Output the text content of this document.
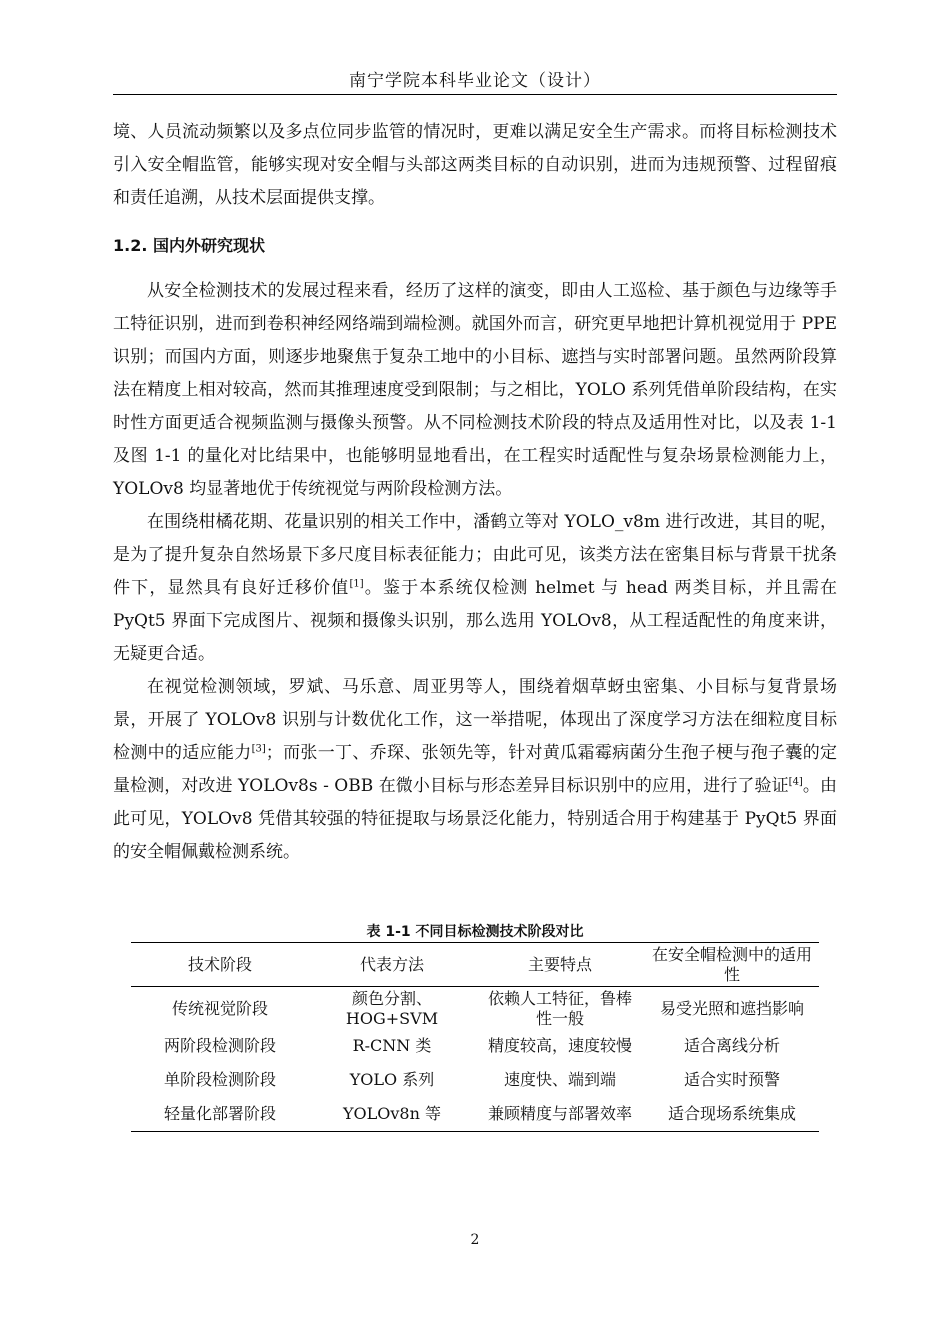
南宁学院本科毕业论文（设计）

境、人员流动频繁以及多点位同步监管的情况时，更难以满足安全生产需求。而将目标检测技术引入安全帽监管，能够实现对安全帽与头部这两类目标的自动识别，进而为违规预警、过程留痕和责任追溯，从技术层面提供支撑。

1.2. 国内外研究现状

从安全检测技术的发展过程来看，经历了这样的演变，即由人工巡检、基于颜色与边缘等手工特征识别，进而到卷积神经网络端到端检测。就国外而言，研究更早地把计算机视觉用于 PPE 识别；而国内方面，则逐步地聚焦于复杂工地中的小目标、遮挡与实时部署问题。虽然两阶段算法在精度上相对较高，然而其推理速度受到限制；与之相比，YOLO 系列凭借单阶段结构，在实时性方面更适合视频监测与摄像头预警。从不同检测技术阶段的特点及适用性对比，以及表 1-1 及图 1-1 的量化对比结果中，也能够明显地看出，在工程实时适配性与复杂场景检测能力上，YOLOv8 均显著地优于传统视觉与两阶段检测方法。

在围绕柑橘花期、花量识别的相关工作中，潘鹤立等对 YOLO_v8m 进行改进，其目的呢，是为了提升复杂自然场景下多尺度目标表征能力；由此可见，该类方法在密集目标与背景干扰条件下，显然具有良好迁移价值[1]。鉴于本系统仅检测 helmet 与 head 两类目标，并且需在 PyQt5 界面下完成图片、视频和摄像头识别，那么选用 YOLOv8，从工程适配性的角度来讲，无疑更合适。

在视觉检测领域，罗斌、马乐意、周亚男等人，围绕着烟草蚜虫密集、小目标与复背景场景，开展了 YOLOv8 识别与计数优化工作，这一举措呢，体现出了深度学习方法在细粒度目标检测中的适应能力[3]；而张一丁、乔琛、张领先等，针对黄瓜霜霉病菌分生孢子梗与孢子囊的定量检测，对改进 YOLOv8s - OBB 在微小目标与形态差异目标识别中的应用，进行了验证[4]。由此可见，YOLOv8 凭借其较强的特征提取与场景泛化能力，特别适合用于构建基于 PyQt5 界面的安全帽佩戴检测系统。

表 1-1 不同目标检测技术阶段对比
技术阶段	代表方法	主要特点	在安全帽检测中的适用性
传统视觉阶段	颜色分割、HOG+SVM	依赖人工特征，鲁棒性一般	易受光照和遮挡影响
两阶段检测阶段	R-CNN 类	精度较高，速度较慢	适合离线分析
单阶段检测阶段	YOLO 系列	速度快、端到端	适合实时预警
轻量化部署阶段	YOLOv8n 等	兼顾精度与部署效率	适合现场系统集成
2
